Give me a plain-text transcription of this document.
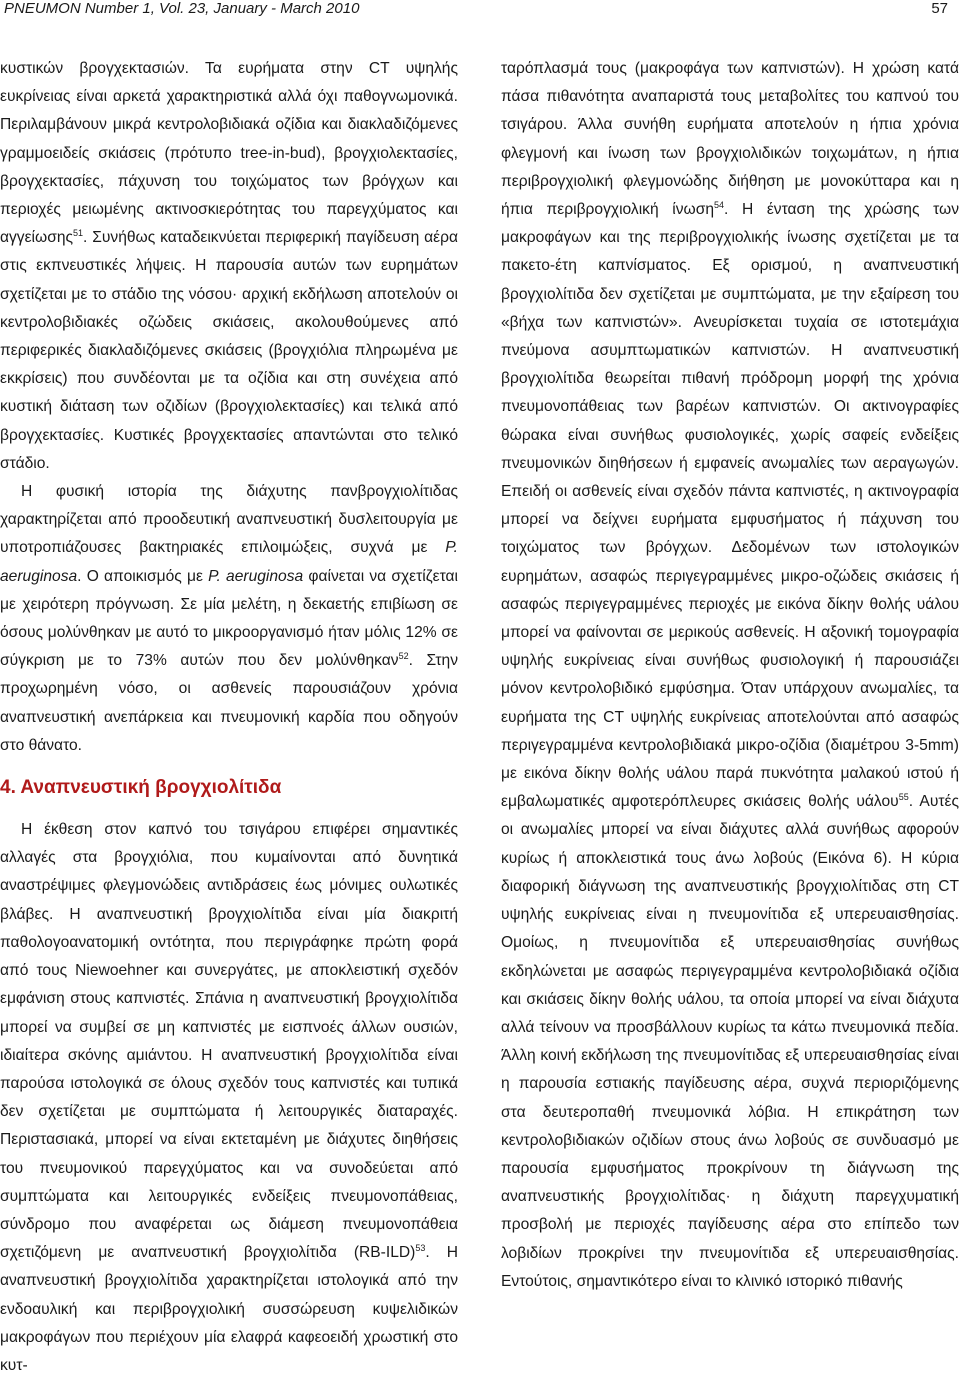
PNEUMON Number 1, Vol. 23, January - March 2010	57

κυστικών βρογχεκτασιών. Τα ευρήματα στην CT υψηλής ευκρίνειας είναι αρκετά χαρακτηριστικά αλλά όχι παθογνωμονικά. Περιλαμβάνουν μικρά κεντρολοβιδιακά οζίδια και διακλαδιζόμενες γραμμοειδείς σκιάσεις (πρότυπο tree-in-bud), βρογχιολεκτασίες, βρογχεκτασίες, πάχυνση του τοιχώματος των βρόγχων και περιοχές μειωμένης ακτινοσκιερότητας του παρεγχύματος και αγγείωσης$^{51}$. Συνήθως καταδεικνύεται περιφερική παγίδευση αέρα στις εκπνευστικές λήψεις. Η παρουσία αυτών των ευρημάτων σχετίζεται με το στάδιο της νόσου· αρχική εκδήλωση αποτελούν οι κεντρολοβιδιακές οζώδεις σκιάσεις, ακολουθούμενες από περιφερικές διακλαδιζόμενες σκιάσεις (βρογχιόλια πληρωμένα με εκκρίσεις) που συνδέονται με τα οζίδια και στη συνέχεια από κυστική διάταση των οζιδίων (βρογχιολεκτασίες) και τελικά από βρογχεκτασίες. Κυστικές βρογχεκτασίες απαντώνται στο τελικό στάδιο.

Η φυσική ιστορία της διάχυτης πανβρογχιολίτιδας χαρακτηρίζεται από προοδευτική αναπνευστική δυσλειτουργία με υποτροπιάζουσες βακτηριακές επιλοιμώξεις, συχνά με P. aeruginosa. Ο αποικισμός με P. aeruginosa φαίνεται να σχετίζεται με χειρότερη πρόγνωση. Σε μία μελέτη, η δεκαετής επιβίωση σε όσους μολύνθηκαν με αυτό το μικροοργανισμό ήταν μόλις 12% σε σύγκριση με το 73% αυτών που δεν μολύνθηκαν$^{52}$. Στην προχωρημένη νόσο, οι ασθενείς παρουσιάζουν χρόνια αναπνευστική ανεπάρκεια και πνευμονική καρδία που οδηγούν στο θάνατο.

4. Αναπνευστική βρογχιολίτιδα

Η έκθεση στον καπνό του τσιγάρου επιφέρει σημαντικές αλλαγές στα βρογχιόλια, που κυμαίνονται από δυνητικά αναστρέψιμες φλεγμονώδεις αντιδράσεις έως μόνιμες ουλωτικές βλάβες. Η αναπνευστική βρογχιολίτιδα είναι μία διακριτή παθολογοανατομική οντότητα, που περιγράφηκε πρώτη φορά από τους Niewoehner και συνεργάτες, με αποκλειστική σχεδόν εμφάνιση στους καπνιστές. Σπάνια η αναπνευστική βρογχιολίτιδα μπορεί να συμβεί σε μη καπνιστές με εισπνοές άλλων ουσιών, ιδιαίτερα σκόνης αμιάντου. Η αναπνευστική βρογχιολίτιδα είναι παρούσα ιστολογικά σε όλους σχεδόν τους καπνιστές και τυπικά δεν σχετίζεται με συμπτώματα ή λειτουργικές διαταραχές. Περιστασιακά, μπορεί να είναι εκτεταμένη με διάχυτες διηθήσεις του πνευμονικού παρεγχύματος και να συνοδεύεται από συμπτώματα και λειτουργικές ενδείξεις πνευμονοπάθειας, σύνδρομο που αναφέρεται ως διάμεση πνευμονοπάθεια σχετιζόμενη με αναπνευστική βρογχιολίτιδα $(RB-ILD)^{53}$. Η αναπνευστική βρογχιολίτιδα χαρακτηρίζεται ιστολογικά από την ενδοαυλική και περιβρογχιολική συσσώρευση κυψελιδικών μακροφάγων που περιέχουν μία ελαφρά καφεοειδή χρωστική στο κυτ-

ταρόπλασμά τους (μακροφάγα των καπνιστών). Η χρώση κατά πάσα πιθανότητα αναπαριστά τους μεταβολίτες του καπνού του τσιγάρου. Άλλα συνήθη ευρήματα αποτελούν η ήπια χρόνια φλεγμονή και ίνωση των βρογχιολιδικών τοιχωμάτων, η ήπια περιβρογχιολική φλεγμονώδης διήθηση με μονοκύτταρα και η ήπια περιβρογχιολική ίνωση$^{54}$. Η ένταση της χρώσης των μακροφάγων και της περιβρογχιολικής ίνωσης σχετίζεται με τα πακετο-έτη καπνίσματος. Εξ ορισμού, η αναπνευστική βρογχιολίτιδα δεν σχετίζεται με συμπτώματα, με την εξαίρεση του «βήχα των καπνιστών». Ανευρίσκεται τυχαία σε ιστοτεμάχια πνεύμονα ασυμπτωματικών καπνιστών. Η αναπνευστική βρογχιολίτιδα θεωρείται πιθανή πρόδρομη μορφή της χρόνια πνευμονοπάθειας των βαρέων καπνιστών. Οι ακτινογραφίες θώρακα είναι συνήθως φυσιολογικές, χωρίς σαφείς ενδείξεις πνευμονικών διηθήσεων ή εμφανείς ανωμαλίες των αεραγωγών. Επειδή οι ασθενείς είναι σχεδόν πάντα καπνιστές, η ακτινογραφία μπορεί να δείχνει ευρήματα εμφυσήματος ή πάχυνση του τοιχώματος των βρόγχων. Δεδομένων των ιστολογικών ευρημάτων, ασαφώς περιγεγραμμένες μικρο-οζώδεις σκιάσεις ή ασαφώς περιγεγραμμένες περιοχές με εικόνα δίκην θολής υάλου μπορεί να φαίνονται σε μερικούς ασθενείς. Η αξονική τομογραφία υψηλής ευκρίνειας είναι συνήθως φυσιολογική ή παρουσιάζει μόνον κεντρολοβιδικό εμφύσημα. Όταν υπάρχουν ανωμαλίες, τα ευρήματα της CT υψηλής ευκρίνειας αποτελούνται από ασαφώς περιγεγραμμένα κεντρολοβιδιακά μικρο-οζίδια (διαμέτρου 3-5mm) με εικόνα δίκην θολής υάλου παρά πυκνότητα μαλακού ιστού ή εμβαλωματικές αμφοτερόπλευρες σκιάσεις θολής υάλου$^{55}$. Αυτές οι ανωμαλίες μπορεί να είναι διάχυτες αλλά συνήθως αφορούν κυρίως ή αποκλειστικά τους άνω λοβούς (Εικόνα 6). Η κύρια διαφορική διάγνωση της αναπνευστικής βρογχιολίτιδας στη CT υψηλής ευκρίνειας είναι η πνευμονίτιδα εξ υπερευαισθησίας. Ομοίως, η πνευμονίτιδα εξ υπερευαισθησίας συνήθως εκδηλώνεται με ασαφώς περιγεγραμμένα κεντρολοβιδιακά οζίδια και σκιάσεις δίκην θολής υάλου, τα οποία μπορεί να είναι διάχυτα αλλά τείνουν να προσβάλλουν κυρίως τα κάτω πνευμονικά πεδία. Άλλη κοινή εκδήλωση της πνευμονίτιδας εξ υπερευαισθησίας είναι η παρουσία εστιακής παγίδευσης αέρα, συχνά περιοριζόμενης στα δευτεροπαθή πνευμονικά λόβια. Η επικράτηση των κεντρολοβιδιακών οζιδίων στους άνω λοβούς σε συνδυασμό με παρουσία εμφυσήματος προκρίνουν τη διάγνωση της αναπνευστικής βρογχιολίτιδας· η διάχυτη παρεγχυματική προσβολή με περιοχές παγίδευσης αέρα στο επίπεδο των λοβιδίων προκρίνει την πνευμονίτιδα εξ υπερευαισθησίας. Εντούτοις, σημαντικότερο είναι το κλινικό ιστορικό πιθανής
